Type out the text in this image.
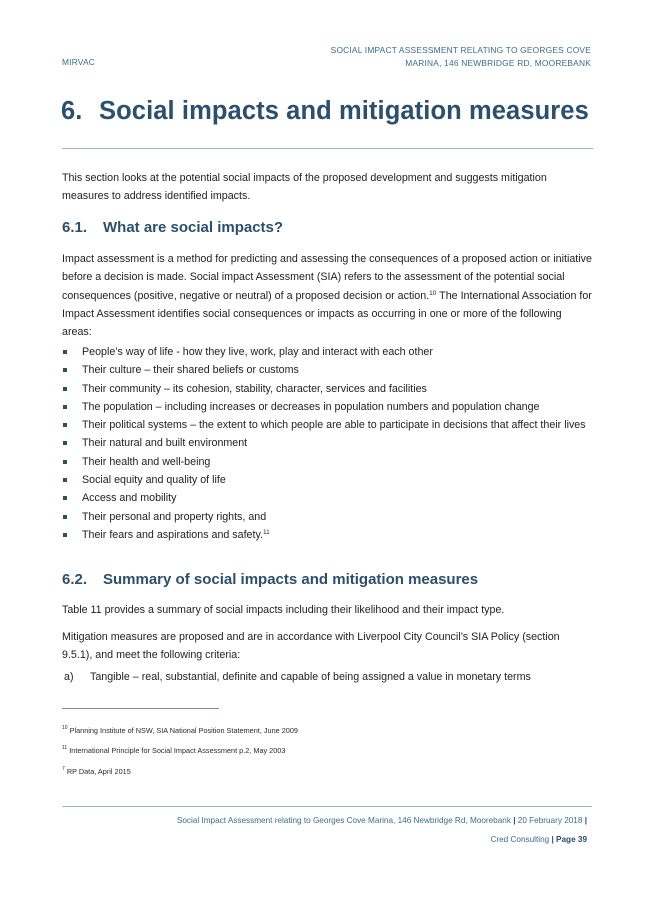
MIRVAC
SOCIAL IMPACT ASSESSMENT RELATING TO GEORGES COVE
MARINA, 146 NEWBRIDGE RD, MOOREBANK
6. Social impacts and mitigation measures
This section looks at the potential social impacts of the proposed development and suggests mitigation measures to address identified impacts.
6.1. What are social impacts?
Impact assessment is a method for predicting and assessing the consequences of a proposed action or initiative before a decision is made. Social impact Assessment (SIA) refers to the assessment of the potential social consequences (positive, negative or neutral) of a proposed decision or action.$^{10}$ The International Association for Impact Assessment identifies social consequences or impacts as occurring in one or more of the following areas:
People’s way of life - how they live, work, play and interact with each other
Their culture – their shared beliefs or customs
Their community – its cohesion, stability, character, services and facilities
The population – including increases or decreases in population numbers and population change
Their political systems – the extent to which people are able to participate in decisions that affect their lives
Their natural and built environment
Their health and well-being
Social equity and quality of life
Access and mobility
Their personal and property rights, and
Their fears and aspirations and safety.$^{11}$
6.2. Summary of social impacts and mitigation measures
Table 11 provides a summary of social impacts including their likelihood and their impact type.
Mitigation measures are proposed and are in accordance with Liverpool City Council’s SIA Policy (section 9.5.1), and meet the following criteria:
a) Tangible – real, substantial, definite and capable of being assigned a value in monetary terms
$^{10}$ Planning Institute of NSW, SIA National Position Statement, June 2009
$^{11}$ International Principle for Social Impact Assessment p.2, May 2003
$^7$ RP Data, April 2015
Social Impact Assessment relating to Georges Cove Marina, 146 Newbridge Rd, Moorebank | 20 February 2018 |
Cred Consulting | Page 39
